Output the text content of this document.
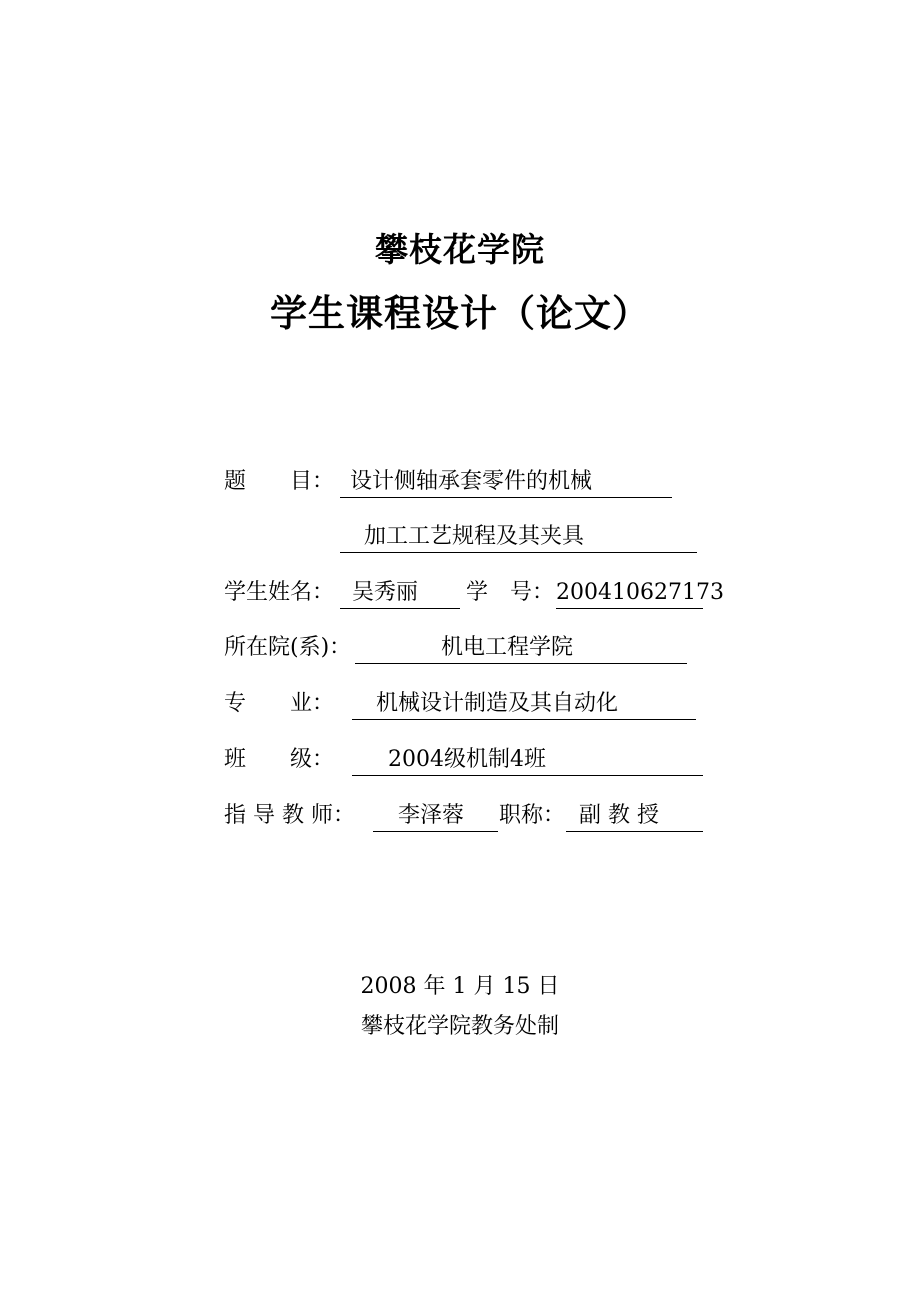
攀枝花学院
学生课程设计（论文）
题　　目： 设计侧轴承套零件的机械
加工工艺规程及其夹具
学生姓名： 吴秀丽 学　号： 200410627173
所在院(系)：	机电工程学院
专　　业： 机械设计制造及其自动化
班　　级： 2004级机制4班
指 导 教 师： 李泽蓉 职称： 副 教 授
2008 年 1 月 15 日
攀枝花学院教务处制
